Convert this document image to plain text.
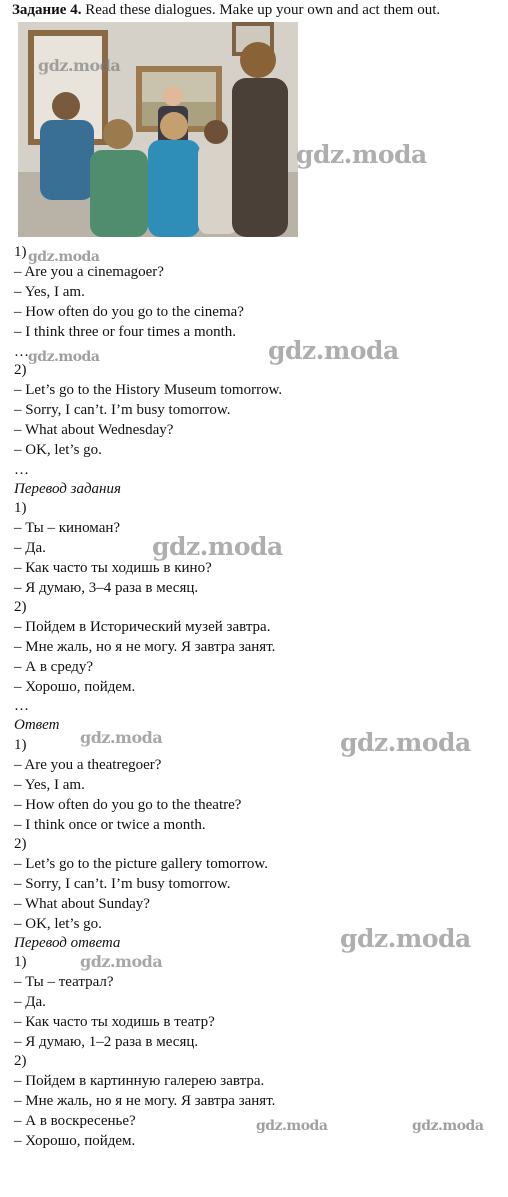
Задание 4. Read these dialogues. Make up your own and act them out.
1)
– Are you a cinemagoer?
– Yes, I am.
– How often do you go to the cinema?
– I think three or four times a month.
…
2)
– Let’s go to the History Museum tomorrow.
– Sorry, I can’t. I’m busy tomorrow.
– What about Wednesday?
– OK, let’s go.
…
Перевод задания
1)
– Ты – киноман?
– Да.
– Как часто ты ходишь в кино?
– Я думаю, 3–4 раза в месяц.
2)
– Пойдем в Исторический музей завтра.
– Мне жаль, но я не могу. Я завтра занят.
– А в среду?
– Хорошо, пойдем.
…
Ответ
1)
– Are you a theatregoer?
– Yes, I am.
– How often do you go to the theatre?
– I think once or twice a month.
2)
– Let’s go to the picture gallery tomorrow.
– Sorry, I can’t. I’m busy tomorrow.
– What about Sunday?
– OK, let’s go.
Перевод ответа
1)
– Ты – театрал?
– Да.
– Как часто ты ходишь в театр?
– Я думаю, 1–2 раза в месяц.
2)
– Пойдем в картинную галерею завтра.
– Мне жаль, но я не могу. Я завтра занят.
– А в воскресенье?
– Хорошо, пойдем.
gdz.moda
gdz.moda
gdz.moda
gdz.moda	gdz.moda
gdz.moda
gdz.moda	gdz.moda
gdz.moda
gdz.moda
gdz.moda	gdz.moda
